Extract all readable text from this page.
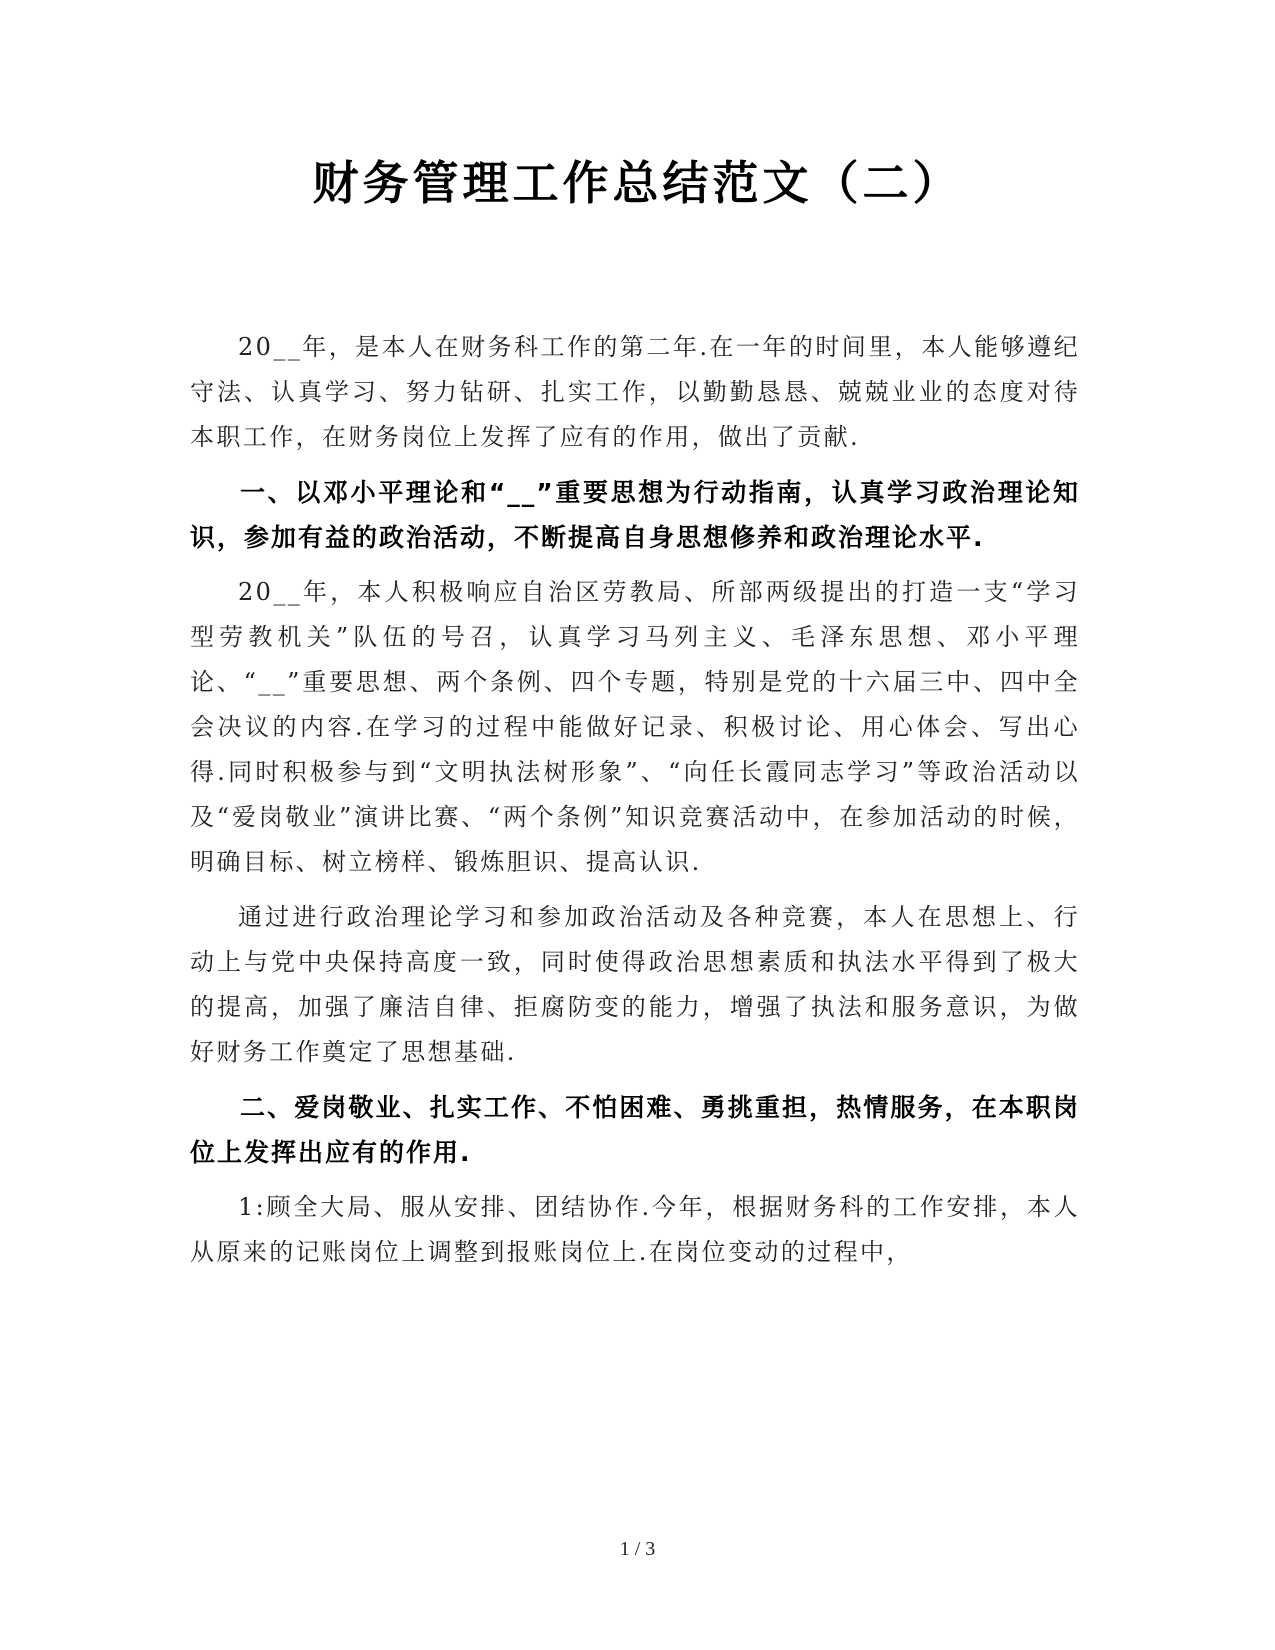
财务管理工作总结范文（二）

20__年，是本人在财务科工作的第二年.在一年的时间里，本人能够遵纪守法、认真学习、努力钻研、扎实工作，以勤勤恳恳、兢兢业业的态度对待本职工作，在财务岗位上发挥了应有的作用，做出了贡献.

一、以邓小平理论和“__”重要思想为行动指南，认真学习政治理论知识，参加有益的政治活动，不断提高自身思想修养和政治理论水平.

20__年，本人积极响应自治区劳教局、所部两级提出的打造一支“学习型劳教机关”队伍的号召，认真学习马列主义、毛泽东思想、邓小平理论、“__”重要思想、两个条例、四个专题，特别是党的十六届三中、四中全会决议的内容.在学习的过程中能做好记录、积极讨论、用心体会、写出心得.同时积极参与到“文明执法树形象”、“向任长霞同志学习”等政治活动以及“爱岗敬业”演讲比赛、“两个条例”知识竞赛活动中，在参加活动的时候，明确目标、树立榜样、锻炼胆识、提高认识.

通过进行政治理论学习和参加政治活动及各种竞赛，本人在思想上、行动上与党中央保持高度一致，同时使得政治思想素质和执法水平得到了极大的提高，加强了廉洁自律、拒腐防变的能力，增强了执法和服务意识，为做好财务工作奠定了思想基础.

二、爱岗敬业、扎实工作、不怕困难、勇挑重担，热情服务，在本职岗位上发挥出应有的作用.

1:顾全大局、服从安排、团结协作.今年，根据财务科的工作安排，本人从原来的记账岗位上调整到报账岗位上.在岗位变动的过程中，

1 / 3
